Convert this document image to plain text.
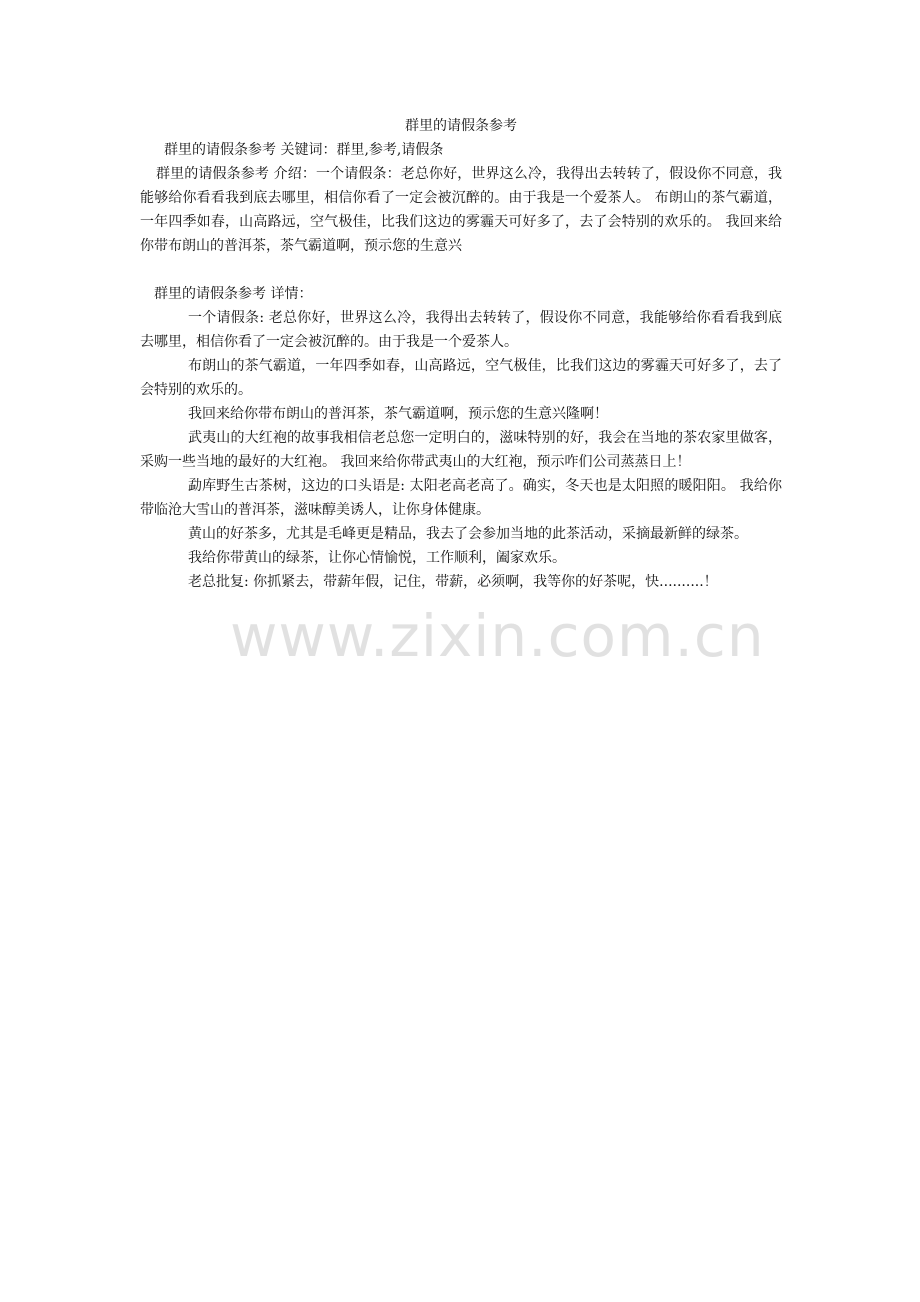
群里的请假条参考
群里的请假条参考 关键词：群里,参考,请假条
群里的请假条参考 介绍：一个请假条：老总你好，世界这么冷，我得出去转转了，假设你不同意，我能够给你看看我到底去哪里，相信你看了一定会被沉醉的。由于我是一个爱茶人。 布朗山的茶气霸道，一年四季如春，山高路远，空气极佳，比我们这边的雾霾天可好多了，去了会特别的欢乐的。 我回来给你带布朗山的普洱茶，茶气霸道啊，预示您的生意兴
群里的请假条参考 详情：

一个请假条: 老总你好，世界这么冷，我得出去转转了，假设你不同意，我能够给你看看我到底去哪里，相信你看了一定会被沉醉的。由于我是一个爱茶人。

布朗山的茶气霸道，一年四季如春，山高路远，空气极佳，比我们这边的雾霾天可好多了，去了会特别的欢乐的。

我回来给你带布朗山的普洱茶，茶气霸道啊，预示您的生意兴隆啊！

武夷山的大红袍的故事我相信老总您一定明白的，滋味特别的好，我会在当地的茶农家里做客，采购一些当地的最好的大红袍。 我回来给你带武夷山的大红袍，预示咋们公司蒸蒸日上！

勐库野生古茶树，这边的口头语是: 太阳老高老高了。确实，冬天也是太阳照的暖阳阳。 我给你带临沧大雪山的普洱茶，滋味醇美诱人，让你身体健康。

黄山的好茶多，尤其是毛峰更是精品，我去了会参加当地的此茶活动，采摘最新鲜的绿茶。

我给你带黄山的绿茶，让你心情愉悦，工作顺利，阖家欢乐。

老总批复: 你抓紧去，带薪年假，记住，带薪，必须啊，我等你的好茶呢，快..........！

www.zixin.com.cn
